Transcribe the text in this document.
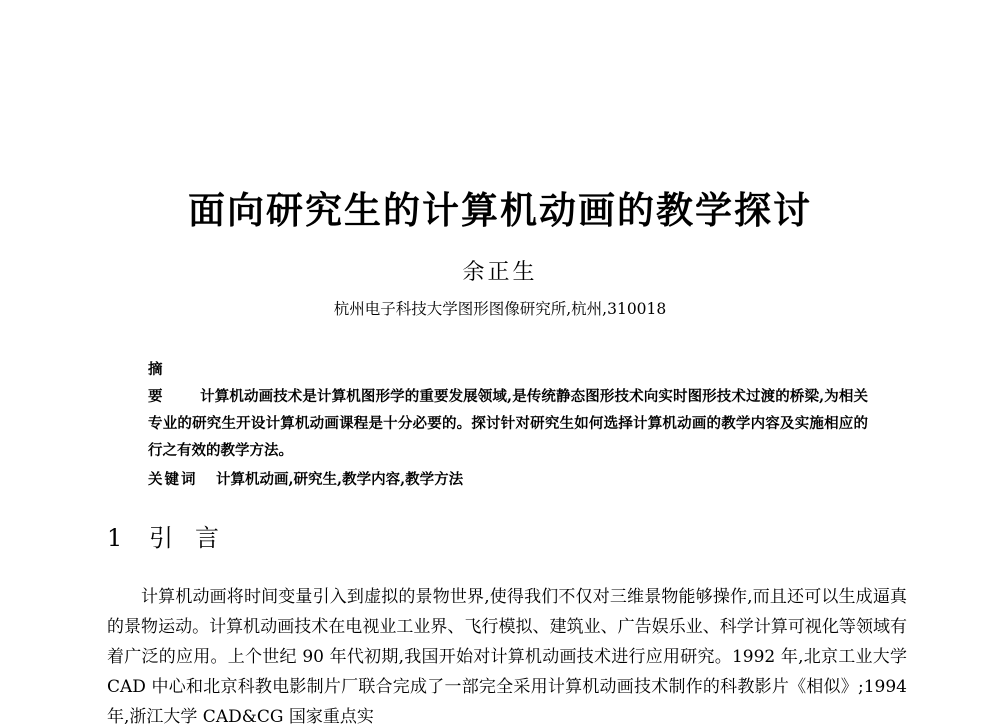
面向研究生的计算机动画的教学探讨
余正生
杭州电子科技大学图形图像研究所,杭州,310018
摘要 计算机动画技术是计算机图形学的重要发展领域,是传统静态图形技术向实时图形技术过渡的桥梁,为相关专业的研究生开设计算机动画课程是十分必要的。探讨针对研究生如何选择计算机动画的教学内容及实施相应的行之有效的教学方法。
关键词 计算机动画,研究生,教学内容,教学方法
1 引言

计算机动画将时间变量引入到虚拟的景物世界,使得我们不仅对三维景物能够操作,而且还可以生成逼真的景物运动。计算机动画技术在电视业工业界、飞行模拟、建筑业、广告娱乐业、科学计算可视化等领域有着广泛的应用。上个世纪 90 年代初期,我国开始对计算机动画技术进行应用研究。1992 年,北京工业大学 CAD 中心和北京科教电影制片厂联合完成了一部完全采用计算机动画技术制作的科教影片《相似》;1994 年,浙江大学 CAD&CG 国家重点实
